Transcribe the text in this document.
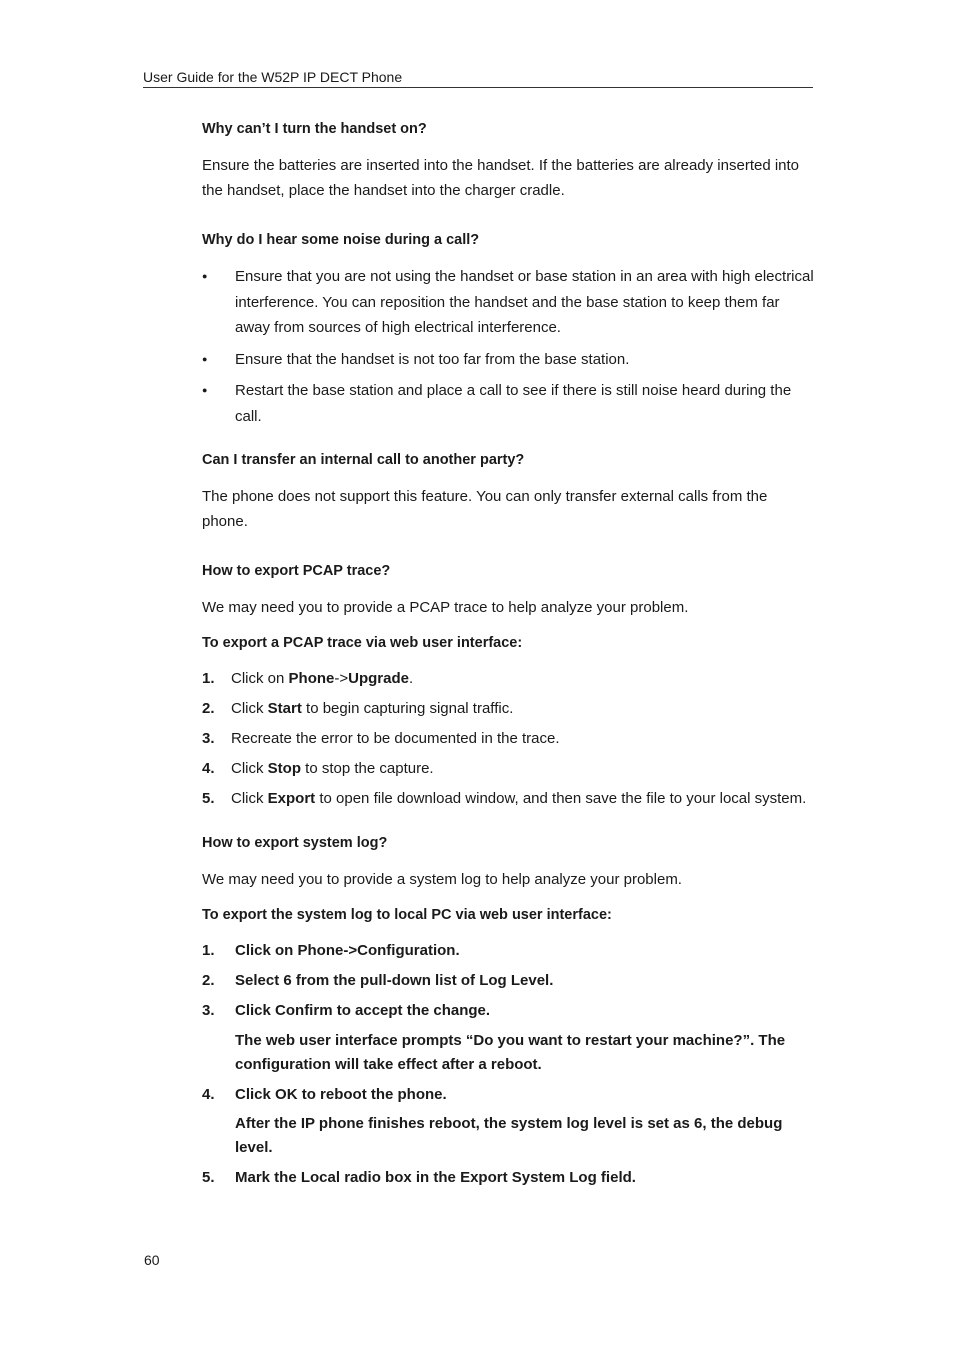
User Guide for the W52P IP DECT Phone

Why can’t I turn the handset on?

Ensure the batteries are inserted into the handset. If the batteries are already inserted into the handset, place the handset into the charger cradle.

Why do I hear some noise during a call?

● Ensure that you are not using the handset or base station in an area with high electrical interference. You can reposition the handset and the base station to keep them far away from sources of high electrical interference.
● Ensure that the handset is not too far from the base station.
● Restart the base station and place a call to see if there is still noise heard during the call.

Can I transfer an internal call to another party?

The phone does not support this feature. You can only transfer external calls from the phone.

How to export PCAP trace?

We may need you to provide a PCAP trace to help analyze your problem.

To export a PCAP trace via web user interface:

1. Click on Phone->Upgrade.
2. Click Start to begin capturing signal traffic.
3. Recreate the error to be documented in the trace.
4. Click Stop to stop the capture.
5. Click Export to open file download window, and then save the file to your local system.

How to export system log?

We may need you to provide a system log to help analyze your problem.

To export the system log to local PC via web user interface:

1. Click on Phone->Configuration.
2. Select 6 from the pull-down list of Log Level.
3. Click Confirm to accept the change.

The web user interface prompts “Do you want to restart your machine?”. The configuration will take effect after a reboot.

4. Click OK to reboot the phone.

After the IP phone finishes reboot, the system log level is set as 6, the debug level.

5. Mark the Local radio box in the Export System Log field.
60
